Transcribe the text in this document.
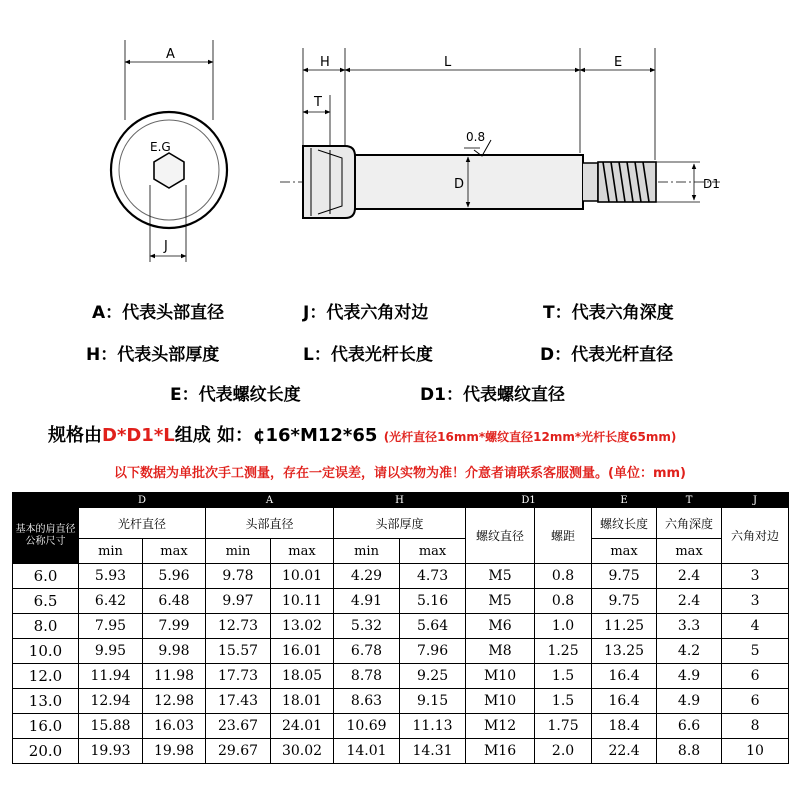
A
E.G
J
H	L	E
T
0.8
D	D1
A：代表头部直径	J：代表六角对边	T：代表六角深度
H：代表头部厚度	L：代表光杆长度	D：代表光杆直径
E：代表螺纹长度	D1：代表螺纹直径
规格由D*D1*L组成 如：¢16*M12*65 (光杆直径16mm*螺纹直径12mm*光杆长度65mm)
以下数据为单批次手工测量，存在一定误差，请以实物为准！介意者请联系客服测量。(单位：mm)
	D		A		H		D1		E	T	J

基本的肩直径公称尺寸	光杆直径		头部直径		头部厚度		螺纹直径	螺距	螺纹长度	六角深度	六角对边
	min	max	min	max	min	max			max	max	
6.0	5.93	5.96	9.78	10.01	4.29	4.73	M5	0.8	9.75	2.4	3
6.5	6.42	6.48	9.97	10.11	4.91	5.16	M5	0.8	9.75	2.4	3
8.0	7.95	7.99	12.73	13.02	5.32	5.64	M6	1.0	11.25	3.3	4
10.0	9.95	9.98	15.57	16.01	6.78	7.96	M8	1.25	13.25	4.2	5
12.0	11.94	11.98	17.73	18.05	8.78	9.25	M10	1.5	16.4	4.9	6
13.0	12.94	12.98	17.43	18.01	8.63	9.15	M10	1.5	16.4	4.9	6
16.0	15.88	16.03	23.67	24.01	10.69	11.13	M12	1.75	18.4	6.6	8
20.0	19.93	19.98	29.67	30.02	14.01	14.31	M16	2.0	22.4	8.8	10
